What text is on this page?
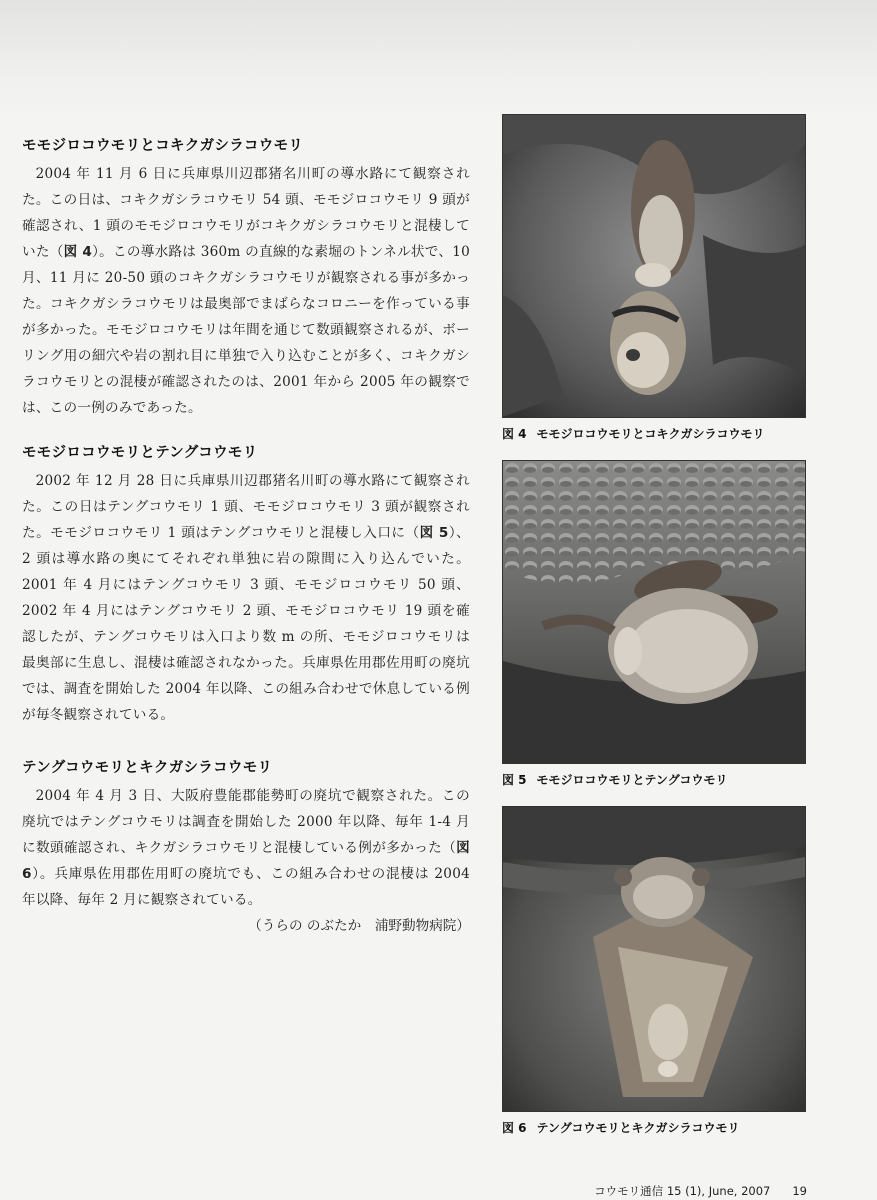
モモジロコウモリとコキクガシラコウモリ

2004 年 11 月 6 日に兵庫県川辺郡猪名川町の導水路にて観察された。この日は、コキクガシラコウモリ 54 頭、モモジロコウモリ 9 頭が確認され、1 頭のモモジロコウモリがコキクガシラコウモリと混棲していた（図 4）。この導水路は 360m の直線的な素堀のトンネル状で、10 月、11 月に 20-50 頭のコキクガシラコウモリが観察される事が多かった。コキクガシラコウモリは最奥部でまばらなコロニーを作っている事が多かった。モモジロコウモリは年間を通じて数頭観察されるが、ボーリング用の細穴や岩の割れ目に単独で入り込むことが多く、コキクガシラコウモリとの混棲が確認されたのは、2001 年から 2005 年の観察では、この一例のみであった。

モモジロコウモリとテングコウモリ

2002 年 12 月 28 日に兵庫県川辺郡猪名川町の導水路にて観察された。この日はテングコウモリ 1 頭、モモジロコウモリ 3 頭が観察された。モモジロコウモリ 1 頭はテングコウモリと混棲し入口に（図 5）、2 頭は導水路の奥にてそれぞれ単独に岩の隙間に入り込んでいた。2001 年 4 月にはテングコウモリ 3 頭、モモジロコウモリ 50 頭、2002 年 4 月にはテングコウモリ 2 頭、モモジロコウモリ 19 頭を確認したが、テングコウモリは入口より数 m の所、モモジロコウモリは最奥部に生息し、混棲は確認されなかった。兵庫県佐用郡佐用町の廃坑では、調査を開始した 2004 年以降、この組み合わせで休息している例が毎冬観察されている。

テングコウモリとキクガシラコウモリ

2004 年 4 月 3 日、大阪府豊能郡能勢町の廃坑で観察された。この廃坑ではテングコウモリは調査を開始した 2000 年以降、毎年 1-4 月に数頭確認され、キクガシラコウモリと混棲している例が多かった（図 6）。兵庫県佐用郡佐用町の廃坑でも、この組み合わせの混棲は 2004 年以降、毎年 2 月に観察されている。

（うらの のぶたか　浦野動物病院）

図 4 モモジロコウモリとコキクガシラコウモリ
図 5 モモジロコウモリとテングコウモリ
図 6 テングコウモリとキクガシラコウモリ
コウモリ通信 15 (1), June, 2007 19
